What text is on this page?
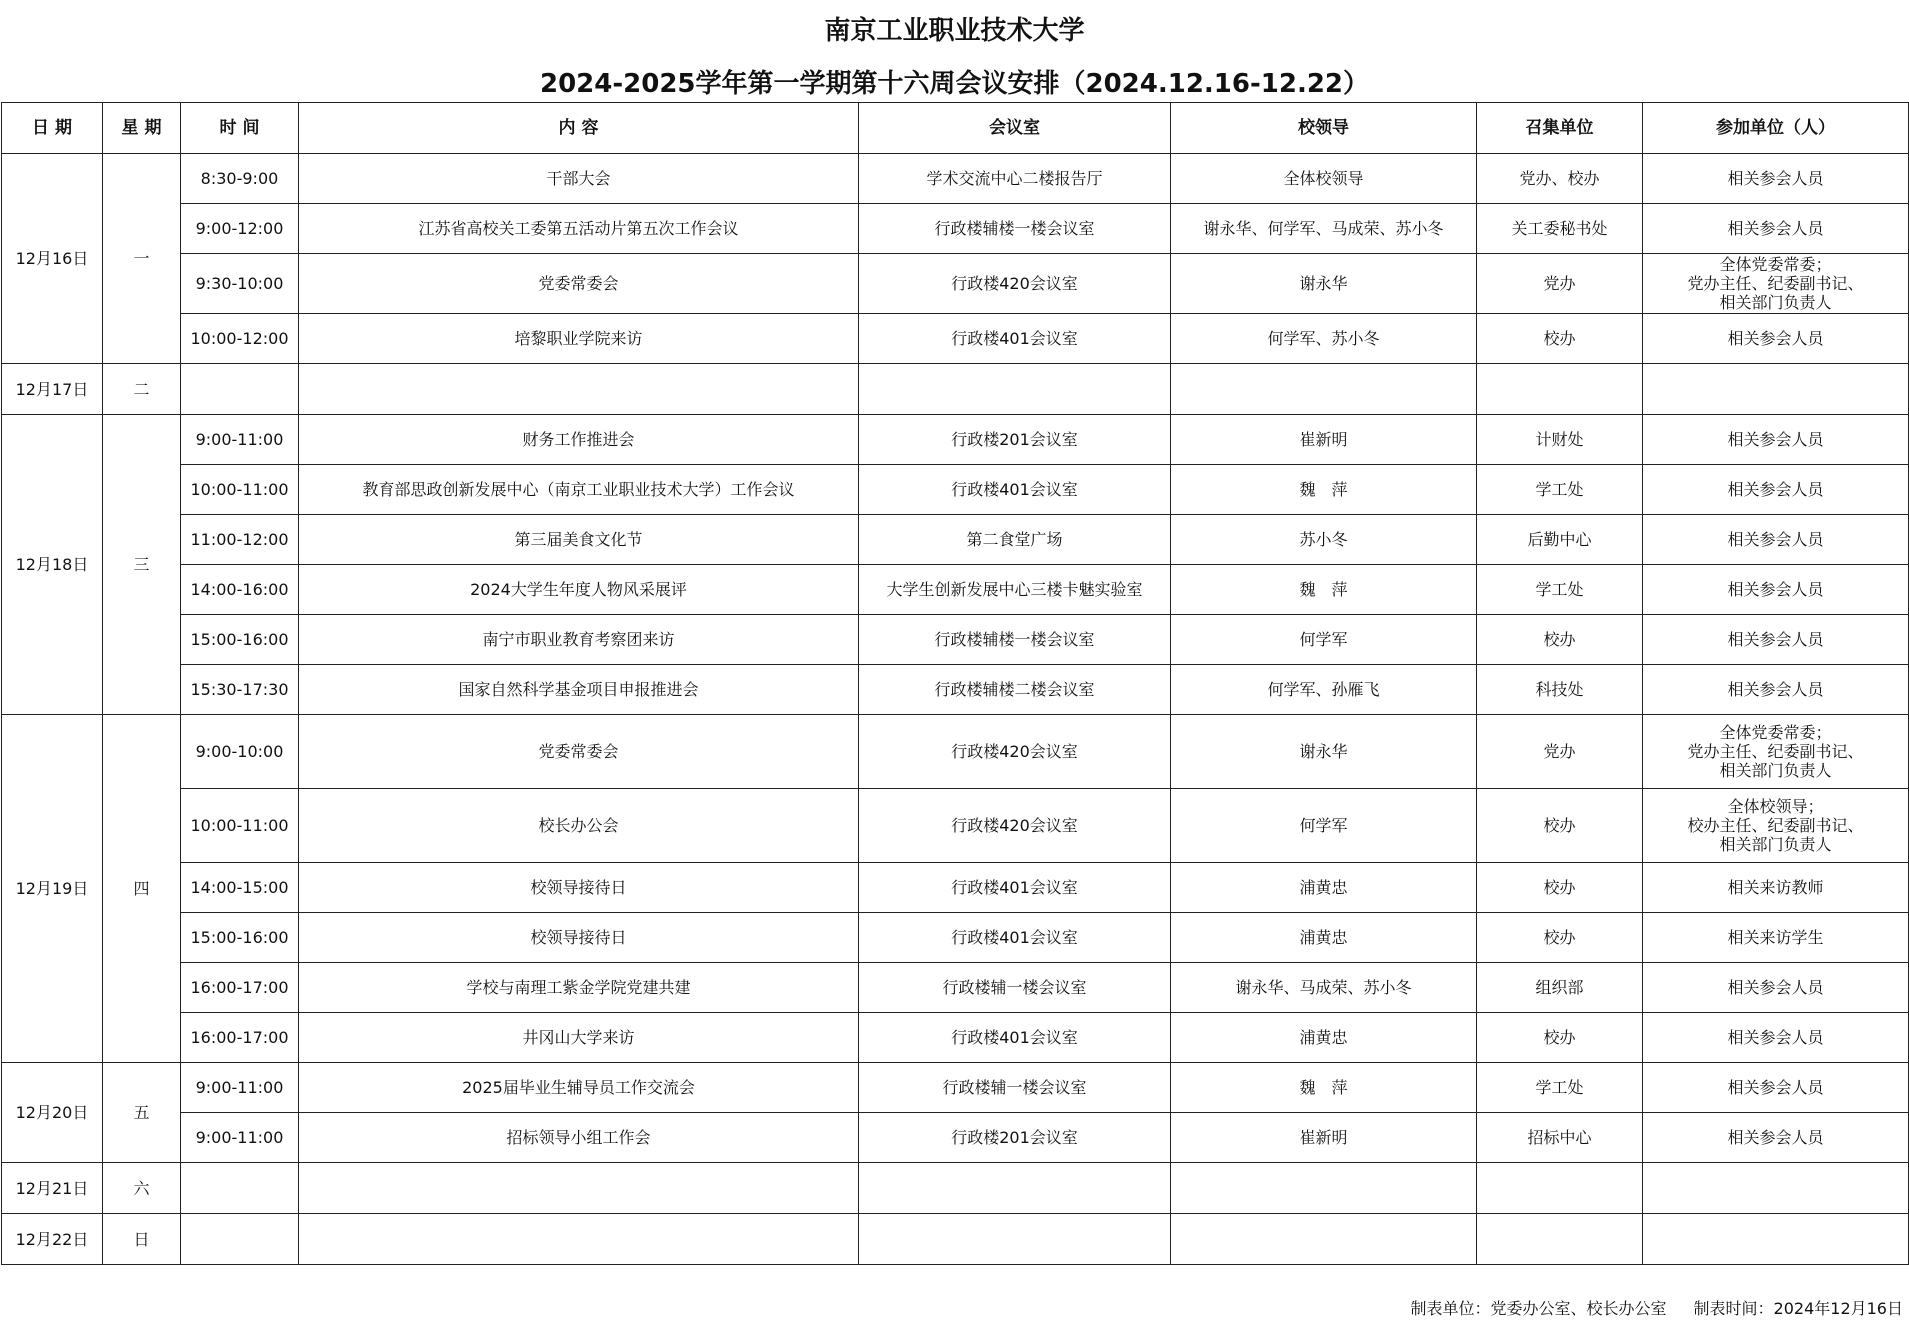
南京工业职业技术大学
2024-2025学年第一学期第十六周会议安排（2024.12.16-12.22）
日 期	星 期	时 间	内 容	会议室	校领导	召集单位	参加单位（人）
12月16日	一	8:30-9:00	干部大会	学术交流中心二楼报告厅	全体校领导	党办、校办	相关参会人员
		9:00-12:00	江苏省高校关工委第五活动片第五次工作会议	行政楼辅楼一楼会议室	谢永华、何学军、马成荣、苏小冬	关工委秘书处	相关参会人员
		9:30-10:00	党委常委会	行政楼420会议室	谢永华	党办	全体党委常委；
党办主任、纪委副书记、
相关部门负责人
		10:00-12:00	培黎职业学院来访	行政楼401会议室	何学军、苏小冬	校办	相关参会人员
12月17日	二						
12月18日	三	9:00-11:00	财务工作推进会	行政楼201会议室	崔新明	计财处	相关参会人员
		10:00-11:00	教育部思政创新发展中心（南京工业职业技术大学）工作会议	行政楼401会议室	魏　萍	学工处	相关参会人员
		11:00-12:00	第三届美食文化节	第二食堂广场	苏小冬	后勤中心	相关参会人员
		14:00-16:00	2024大学生年度人物风采展评	大学生创新发展中心三楼卡魅实验室	魏　萍	学工处	相关参会人员
		15:00-16:00	南宁市职业教育考察团来访	行政楼辅楼一楼会议室	何学军	校办	相关参会人员
		15:30-17:30	国家自然科学基金项目申报推进会	行政楼辅楼二楼会议室	何学军、孙雁飞	科技处	相关参会人员
12月19日	四	9:00-10:00	党委常委会	行政楼420会议室	谢永华	党办	全体党委常委；
党办主任、纪委副书记、
相关部门负责人
		10:00-11:00	校长办公会	行政楼420会议室	何学军	校办	全体校领导；
校办主任、纪委副书记、
相关部门负责人
		14:00-15:00	校领导接待日	行政楼401会议室	浦黄忠	校办	相关来访教师
		15:00-16:00	校领导接待日	行政楼401会议室	浦黄忠	校办	相关来访学生
		16:00-17:00	学校与南理工紫金学院党建共建	行政楼辅一楼会议室	谢永华、马成荣、苏小冬	组织部	相关参会人员
		16:00-17:00	井冈山大学来访	行政楼401会议室	浦黄忠	校办	相关参会人员
12月20日	五	9:00-11:00	2025届毕业生辅导员工作交流会	行政楼辅一楼会议室	魏　萍	学工处	相关参会人员
		9:00-11:00	招标领导小组工作会	行政楼201会议室	崔新明	招标中心	相关参会人员
12月21日	六						
12月22日	日						
制表单位：党委办公室、校长办公室 制表时间：2024年12月16日
